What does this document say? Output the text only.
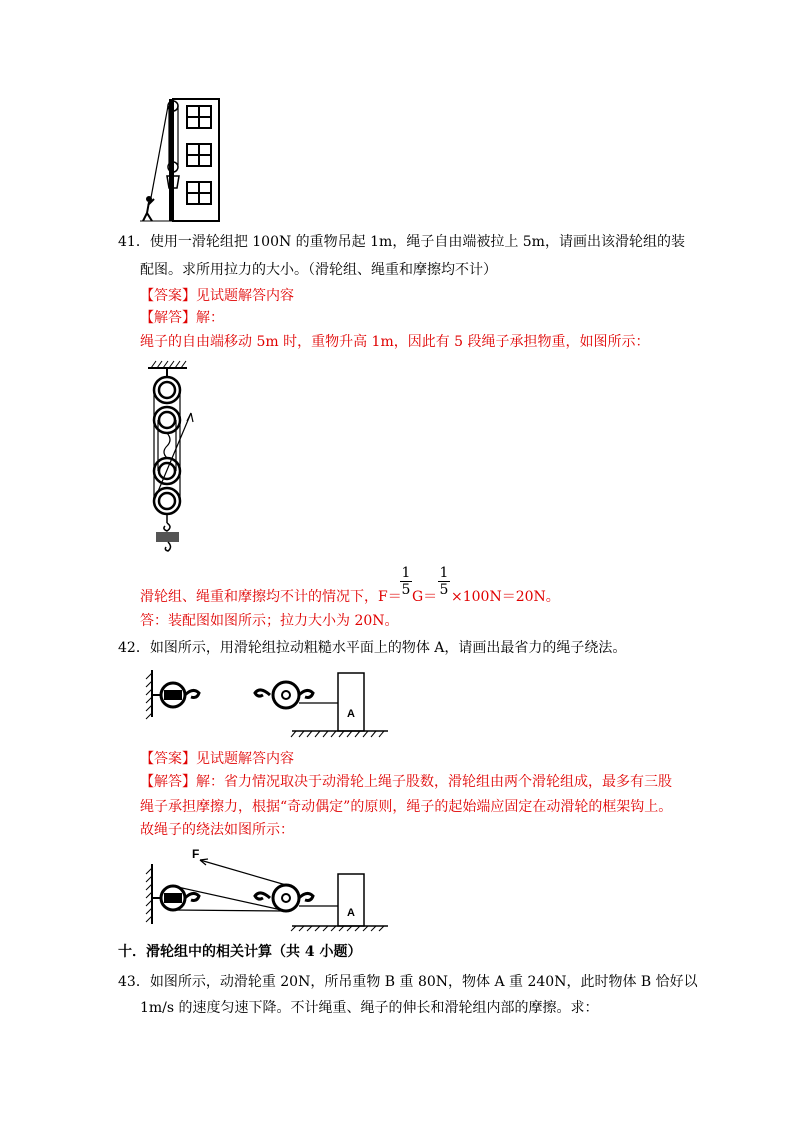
41．使用一滑轮组把 100N 的重物吊起 1m，绳子自由端被拉上 5m，请画出该滑轮组的装
配图。求所用拉力的大小。（滑轮组、绳重和摩擦均不计）
【答案】见试题解答内容
【解答】解：
绳子的自由端移动 5m 时，重物升高 1m，因此有 5 段绳子承担物重，如图所示：
滑轮组、绳重和摩擦均不计的情况下，F＝
1
5 G＝
1
5 ×100N＝20N。
答：装配图如图所示；拉力大小为 20N。
42．如图所示，用滑轮组拉动粗糙水平面上的物体 A，请画出最省力的绳子绕法。
A
【答案】见试题解答内容
【解答】解：省力情况取决于动滑轮上绳子股数，滑轮组由两个滑轮组成，最多有三股
绳子承担摩擦力，根据“奇动偶定”的原则，绳子的起始端应固定在动滑轮的框架钩上。
故绳子的绕法如图所示：
F
A
十．滑轮组中的相关计算（共 4 小题）
43．如图所示，动滑轮重 20N，所吊重物 B 重 80N，物体 A 重 240N，此时物体 B 恰好以
1m/s 的速度匀速下降。不计绳重、绳子的伸长和滑轮组内部的摩擦。求：
